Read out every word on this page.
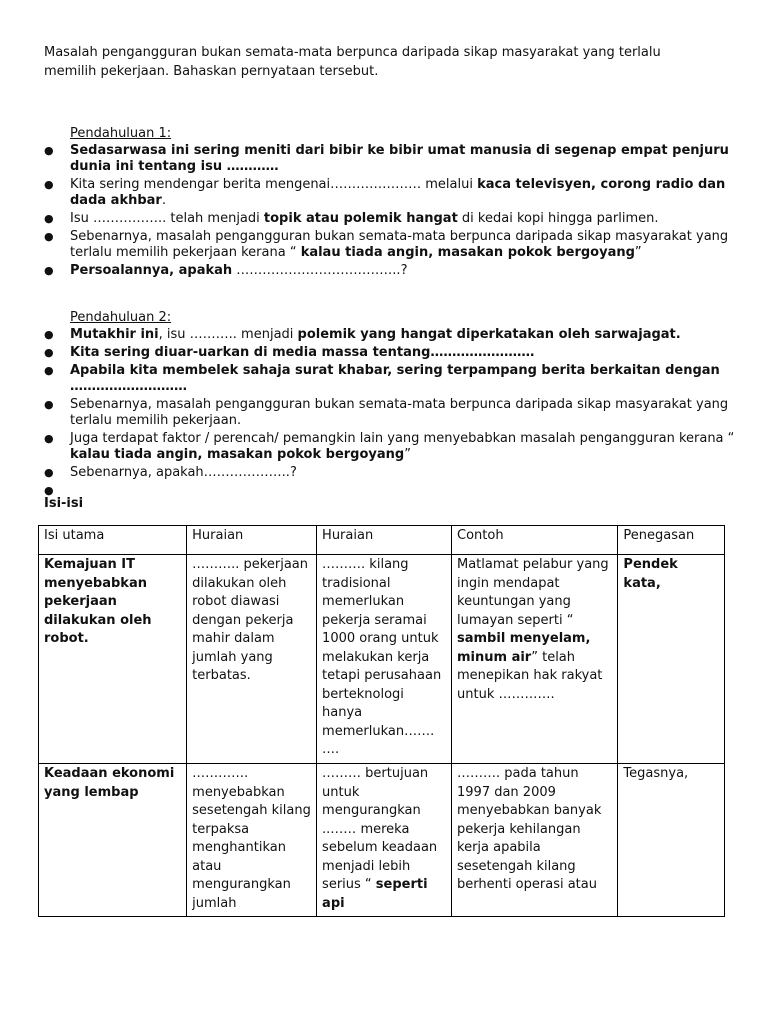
Masalah pengangguran bukan semata-mata berpunca daripada sikap masyarakat yang terlalu
memilih pekerjaan. Bahaskan pernyataan tersebut.
Pendahuluan 1:
● Sedasarwasa ini sering meniti dari bibir ke bibir umat manusia di segenap empat penjuru dunia ini tentang isu …………
● Kita sering mendengar berita mengenai………………… melalui kaca televisyen, corong radio dan dada akhbar.
● Isu …………….. telah menjadi topik atau polemik hangat di kedai kopi hingga parlimen.
● Sebenarnya, masalah pengangguran bukan semata-mata berpunca daripada sikap masyarakat yang terlalu memilih pekerjaan kerana “ kalau tiada angin, masakan pokok bergoyang”
● Persoalannya, apakah ………………………………..?
Pendahuluan 2:
● Mutakhir ini, isu ……….. menjadi polemik yang hangat diperkatakan oleh sarwajagat.
● Kita sering diuar-uarkan di media massa tentang……………………
● Apabila kita membelek sahaja surat khabar, sering terpampang berita berkaitan dengan ………………………
● Sebenarnya, masalah pengangguran bukan semata-mata berpunca daripada sikap masyarakat yang terlalu memilih pekerjaan.
● Juga terdapat faktor / perencah/ pemangkin lain yang menyebabkan masalah pengangguran kerana “ kalau tiada angin, masakan pokok bergoyang”
● Sebenarnya, apakah………………..?
●
Isi-isi
Isi utama	Huraian	Huraian	Contoh	Penegasan
Kemajuan IT menyebabkan pekerjaan dilakukan oleh robot.	……….. pekerjaan dilakukan oleh robot diawasi dengan pekerja mahir dalam jumlah yang terbatas.	………. kilang tradisional memerlukan pekerja seramai 1000 orang untuk melakukan kerja tetapi perusahaan berteknologi hanya memerlukan…….….	Matlamat pelabur yang ingin mendapat keuntungan yang lumayan seperti “ sambil menyelam, minum air” telah menepikan hak rakyat untuk ………….	Pendek kata,
Keadaan ekonomi yang lembap	…………. menyebabkan sesetengah kilang terpaksa menghantikan atau mengurangkan jumlah	……… bertujuan untuk mengurangkan ..…… mereka sebelum keadaan menjadi lebih serius “ seperti api	………. pada tahun 1997 dan 2009 menyebabkan banyak pekerja kehilangan kerja apabila sesetengah kilang berhenti operasi atau	Tegasnya,
